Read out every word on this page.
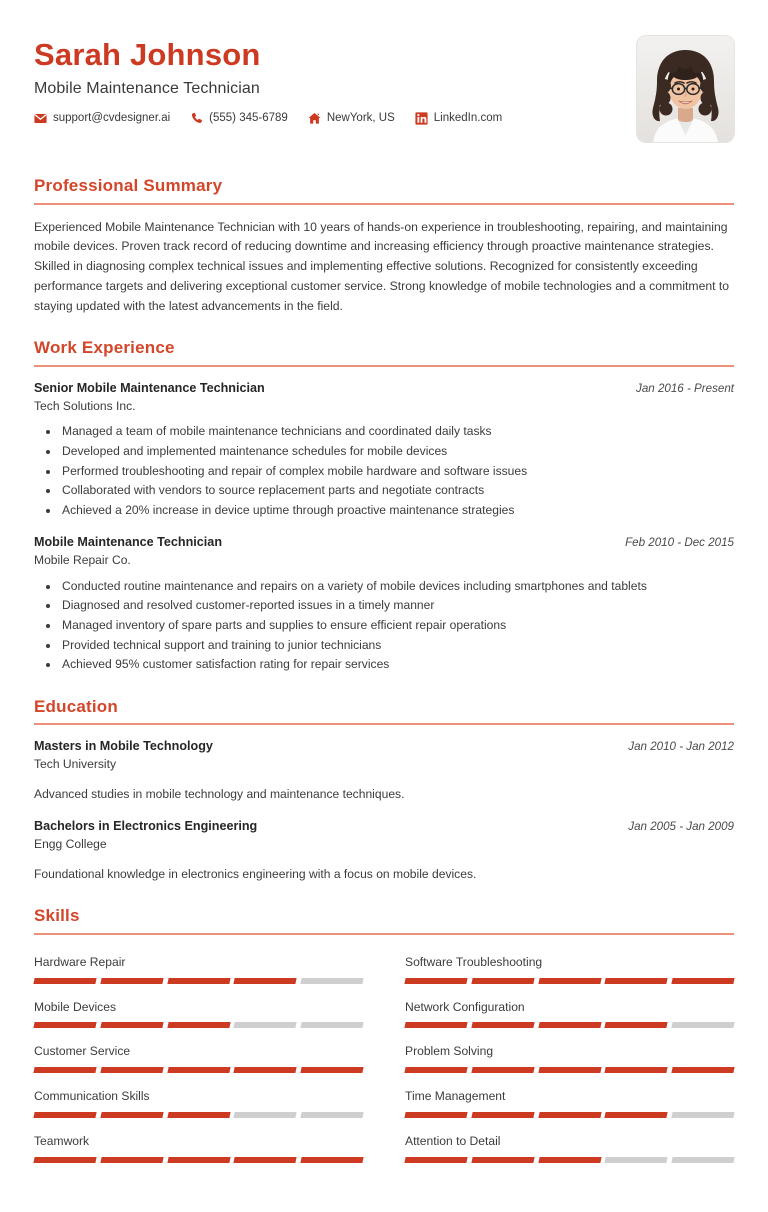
Sarah Johnson
Mobile Maintenance Technician
support@cvdesigner.ai	(555) 345-6789	NewYork, US	LinkedIn.com
Professional Summary

Experienced Mobile Maintenance Technician with 10 years of hands-on experience in troubleshooting, repairing, and maintaining mobile devices. Proven track record of reducing downtime and increasing efficiency through proactive maintenance strategies. Skilled in diagnosing complex technical issues and implementing effective solutions. Recognized for consistently exceeding performance targets and delivering exceptional customer service. Strong knowledge of mobile technologies and a commitment to staying updated with the latest advancements in the field.

Work Experience
Senior Mobile Maintenance Technician	Jan 2016 - Present
Tech Solutions Inc.
• Managed a team of mobile maintenance technicians and coordinated daily tasks
• Developed and implemented maintenance schedules for mobile devices
• Performed troubleshooting and repair of complex mobile hardware and software issues
• Collaborated with vendors to source replacement parts and negotiate contracts
• Achieved a 20% increase in device uptime through proactive maintenance strategies
Mobile Maintenance Technician	Feb 2010 - Dec 2015
Mobile Repair Co.
• Conducted routine maintenance and repairs on a variety of mobile devices including smartphones and tablets
• Diagnosed and resolved customer-reported issues in a timely manner
• Managed inventory of spare parts and supplies to ensure efficient repair operations
• Provided technical support and training to junior technicians
• Achieved 95% customer satisfaction rating for repair services
Education
Masters in Mobile Technology	Jan 2010 - Jan 2012
Tech University
Advanced studies in mobile technology and maintenance techniques.
Bachelors in Electronics Engineering	Jan 2005 - Jan 2009
Engg College
Foundational knowledge in electronics engineering with a focus on mobile devices.
Skills
Hardware Repair	Software Troubleshooting
Mobile Devices	Network Configuration
Customer Service	Problem Solving
Communication Skills	Time Management
Teamwork	Attention to Detail
